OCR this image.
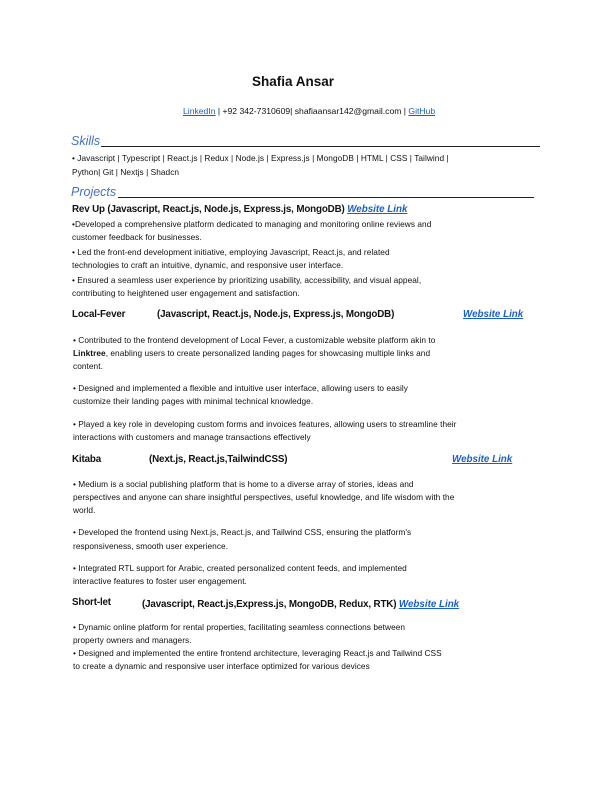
Shafia Ansar
LinkedIn | +92 342-7310609| shafiaansar142@gmail.com | GitHub
Skills
• Javascript | Typescript | React.js | Redux | Node.js | Express.js | MongoDB | HTML | CSS | Tailwind |
Python| Git | Nextjs | Shadcn
Projects
Rev Up (Javascript, React.js, Node.js, Express.js, MongoDB) Website Link
•Developed a comprehensive platform dedicated to managing and monitoring online reviews and
customer feedback for businesses.
• Led the front-end development initiative, employing Javascript, React.js, and related
technologies to craft an intuitive, dynamic, and responsive user interface.
• Ensured a seamless user experience by prioritizing usability, accessibility, and visual appeal,
contributing to heightened user engagement and satisfaction.
Local-Fever	(Javascript, React.js, Node.js, Express.js, MongoDB)	Website Link
• Contributed to the frontend development of Local Fever, a customizable website platform akin to
Linktree, enabling users to create personalized landing pages for showcasing multiple links and
content.
• Designed and implemented a flexible and intuitive user interface, allowing users to easily
customize their landing pages with minimal technical knowledge.
• Played a key role in developing custom forms and invoices features, allowing users to streamline their
interactions with customers and manage transactions effectively
Kitaba	(Next.js, React.js,TailwindCSS)	Website Link
• Medium is a social publishing platform that is home to a diverse array of stories, ideas and
perspectives and anyone can share insightful perspectives, useful knowledge, and life wisdom with the
world.
• Developed the frontend using Next.js, React.js, and Tailwind CSS, ensuring the platform's
responsiveness, smooth user experience.
• Integrated RTL support for Arabic, created personalized content feeds, and implemented
interactive features to foster user engagement.
Short-let	(Javascript, React.js,Express.js, MongoDB, Redux, RTK) Website Link
• Dynamic online platform for rental properties, facilitating seamless connections between
property owners and managers.
• Designed and implemented the entire frontend architecture, leveraging React.js and Tailwind CSS
to create a dynamic and responsive user interface optimized for various devices
